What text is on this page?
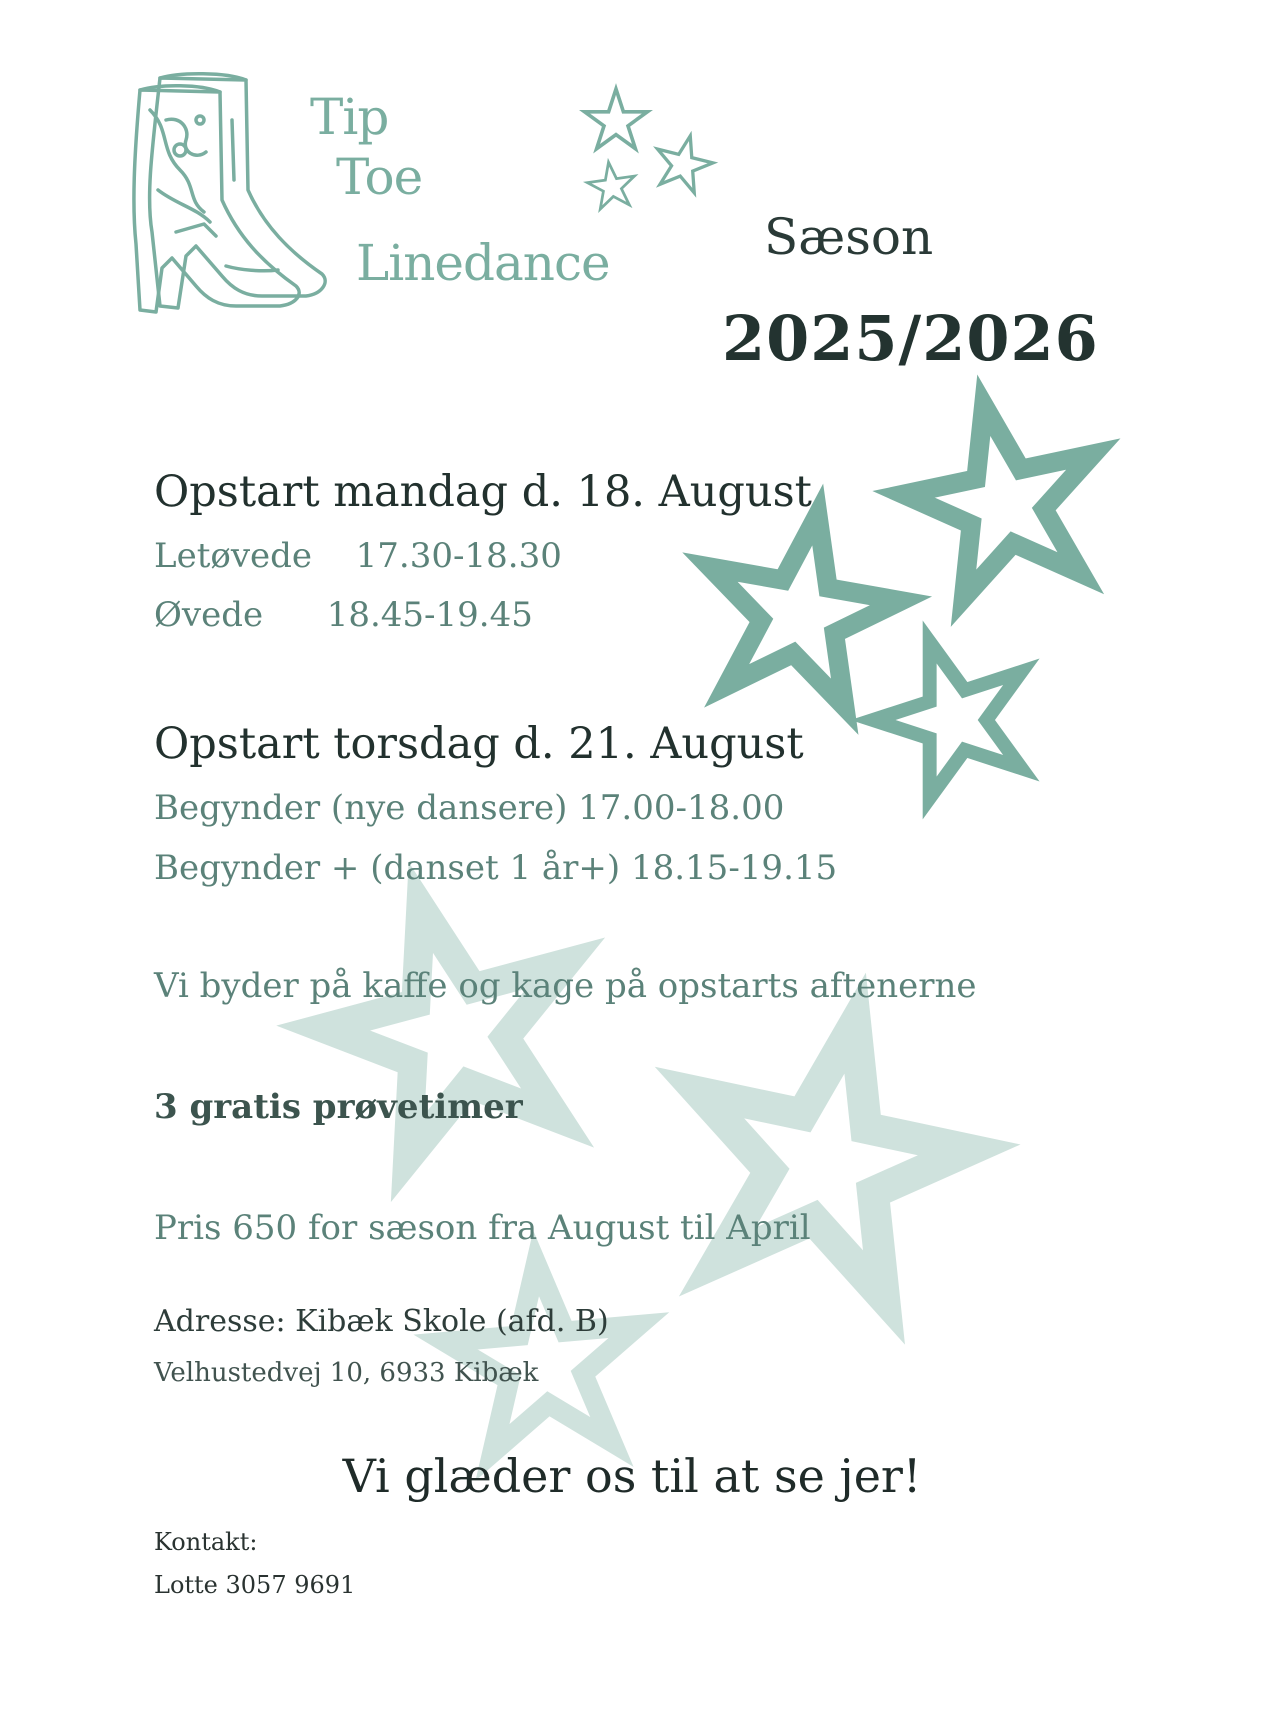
Tip
Toe
Linedance	Sæson
2025/2026
Opstart mandag d. 18. August
Letøvede 17.30-18.30
Øvede 18.45-19.45
Opstart torsdag d. 21. August
Begynder (nye dansere) 17.00-18.00
Begynder + (danset 1 år+) 18.15-19.15
Vi byder på kaffe og kage på opstarts aftenerne
3 gratis prøvetimer
Pris 650 for sæson fra August til April
Adresse: Kibæk Skole (afd. B)
Velhustedvej 10, 6933 Kibæk
Vi glæder os til at se jer!
Kontakt:
Lotte 3057 9691
